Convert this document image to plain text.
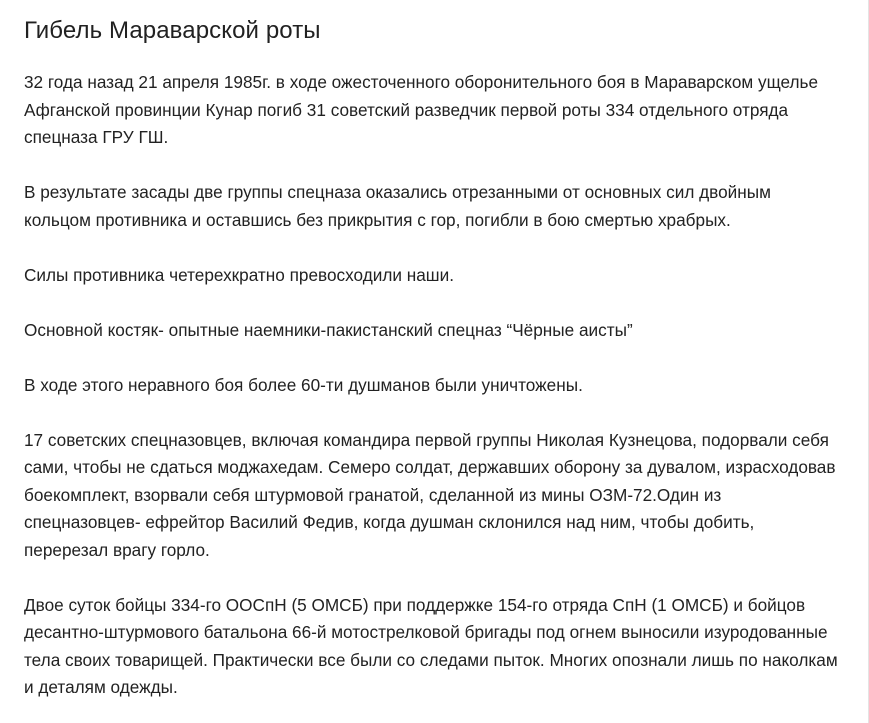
Гибель Мараварской роты

32 года назад 21 апреля 1985г. в ходе ожесточенного оборонительного боя в Мараварском ущелье Афганской провинции Кунар погиб 31 советский разведчик первой роты 334 отдельного отряда спецназа ГРУ ГШ.

В результате засады две группы спецназа оказались отрезанными от основных сил двойным кольцом противника и оставшись без прикрытия с гор, погибли в бою смертью храбрых.

Силы противника четерехкратно превосходили наши.

Основной костяк- опытные наемники-пакистанский спецназ “Чёрные аисты”

В ходе этого неравного боя более 60-ти душманов были уничтожены.

17 советских спецназовцев, включая командира первой группы Николая Кузнецова, подорвали себя сами, чтобы не сдаться моджахедам. Семеро солдат, державших оборону за дувалом, израсходовав боекомплект, взорвали себя штурмовой гранатой, сделанной из мины ОЗМ-72.Один из спецназовцев- ефрейтор Василий Федив, когда душман склонился над ним, чтобы добить, перерезал врагу горло.

Двое суток бойцы 334-го ООСпН (5 ОМСБ) при поддержке 154-го отряда СпН (1 ОМСБ) и бойцов десантно-штурмового батальона 66-й мотострелковой бригады под огнем выносили изуродованные тела своих товарищей. Практически все были со следами пыток. Многих опознали лишь по наколкам и деталям одежды.
